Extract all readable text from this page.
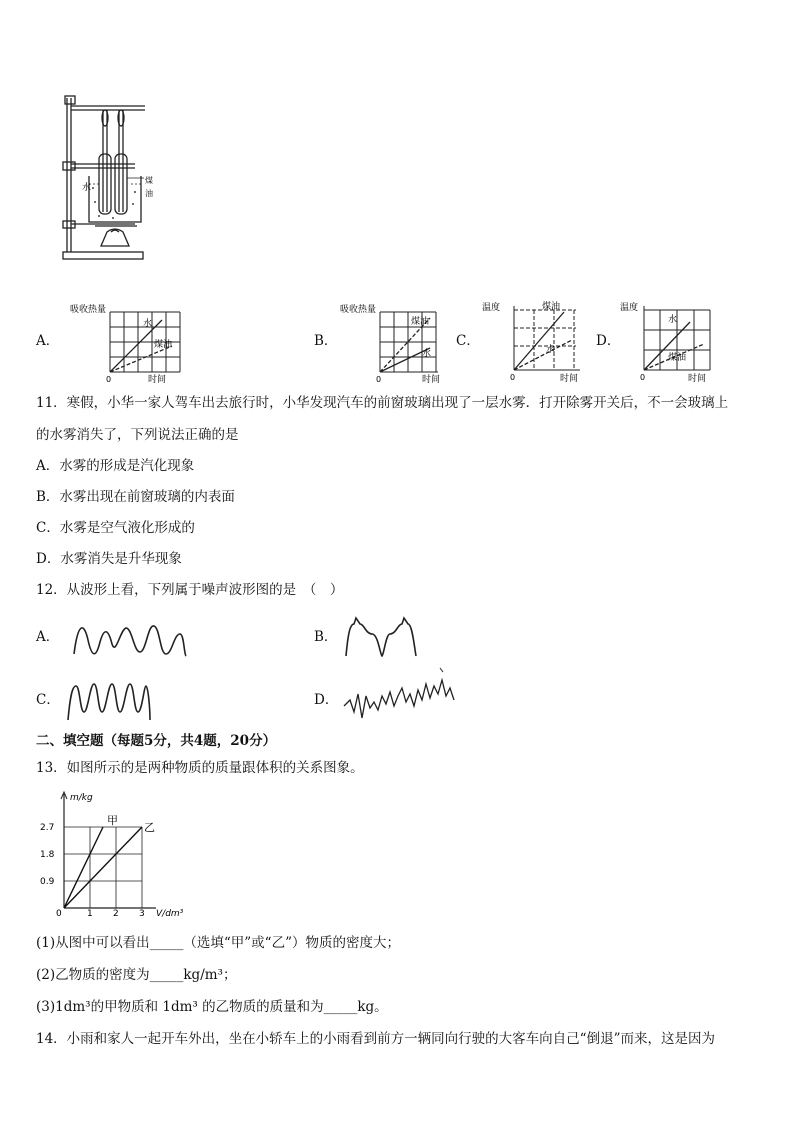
水
煤
油
A．	B．	C．	D．
吸收热量
时间
0
水
煤油
吸收热量
时间
0
煤油
水
温度
时间
0
煤油
水
温度
时间
0
水
煤油
11．寒假，小华一家人驾车出去旅行时，小华发现汽车的前窗玻璃出现了一层水雾．打开除雾开关后，不一会玻璃上
的水雾消失了，下列说法正确的是
A．水雾的形成是汽化现象
B．水雾出现在前窗玻璃的内表面
C．水雾是空气液化形成的
D．水雾消失是升华现象
12．从波形上看，下列属于噪声波形图的是　（　）
A．	B．
C．	D．
二、填空题（每题5分，共4题，20分）
13．如图所示的是两种物质的质量跟体积的关系图象。
0	1 2 3
0.9
1.8
2.7
m/kg
V/dm³
甲
乙
(1)从图中可以看出_____（选填“甲”或“乙”）物质的密度大；
(2)乙物质的密度为_____kg/m³；
(3)1dm³的甲物质和 1dm³ 的乙物质的质量和为_____kg。
14．小雨和家人一起开车外出，坐在小轿车上的小雨看到前方一辆同向行驶的大客车向自己“倒退”而来，这是因为
